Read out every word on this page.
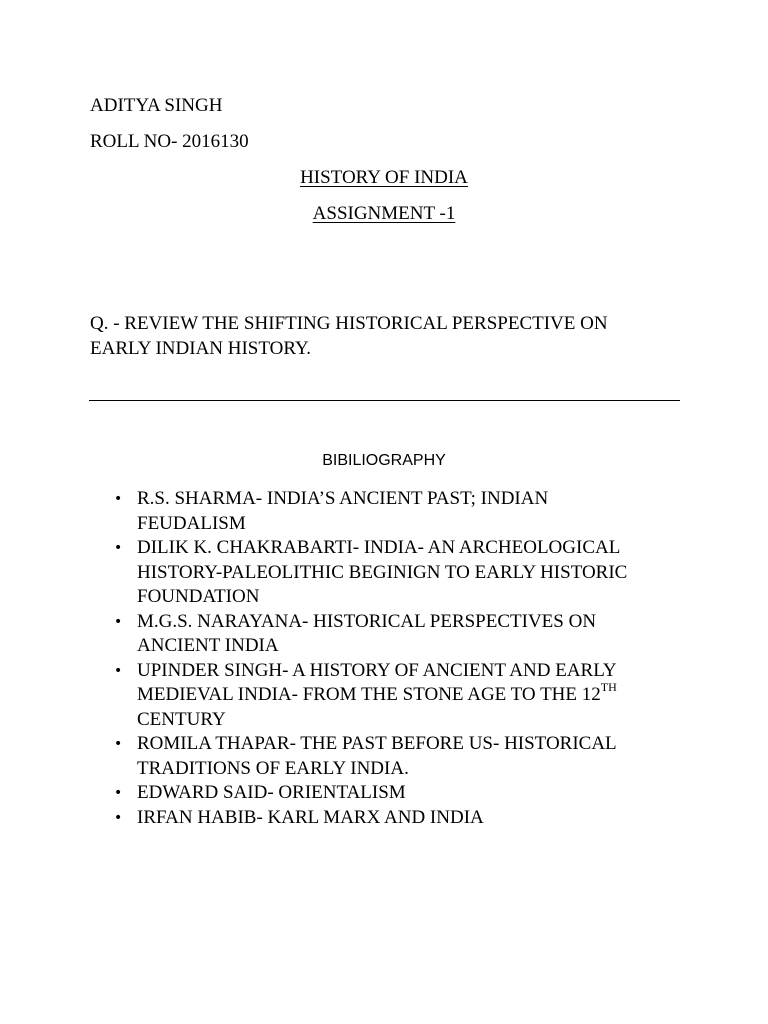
ADITYA SINGH
ROLL NO- 2016130
HISTORY OF INDIA
ASSIGNMENT -1
Q. - REVIEW THE SHIFTING HISTORICAL PERSPECTIVE ON
EARLY INDIAN HISTORY.
BIBILIOGRAPHY
• R.S. SHARMA- INDIA’S ANCIENT PAST; INDIAN
FEUDALISM
• DILIK K. CHAKRABARTI- INDIA- AN ARCHEOLOGICAL
HISTORY-PALEOLITHIC BEGINIGN TO EARLY HISTORIC
FOUNDATION
• M.G.S. NARAYANA- HISTORICAL PERSPECTIVES ON
ANCIENT INDIA
• UPINDER SINGH- A HISTORY OF ANCIENT AND EARLY
MEDIEVAL INDIA- FROM THE STONE AGE TO THE 12TH
CENTURY
• ROMILA THAPAR- THE PAST BEFORE US- HISTORICAL
TRADITIONS OF EARLY INDIA.
• EDWARD SAID- ORIENTALISM
• IRFAN HABIB- KARL MARX AND INDIA
